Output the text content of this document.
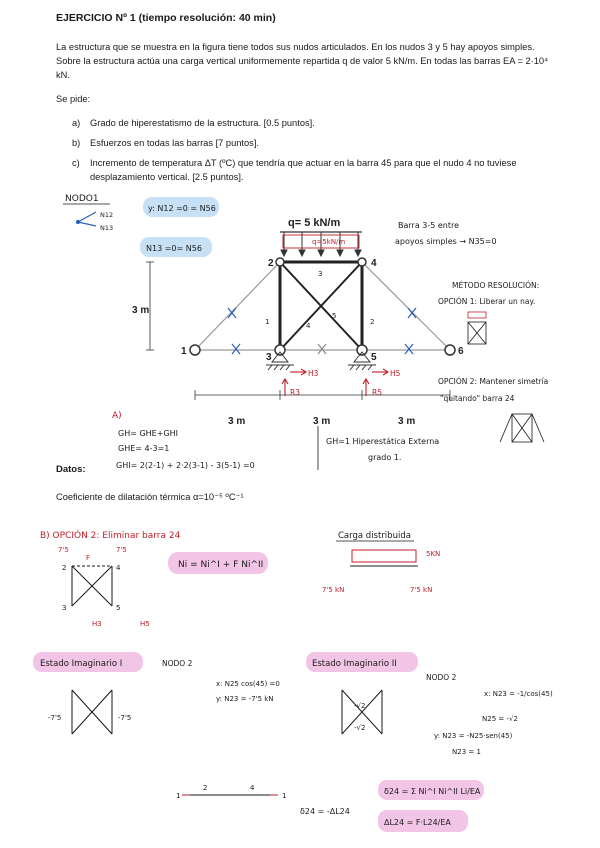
EJERCICIO Nº 1 (tiempo resolución: 40 min)
La estructura que se muestra en la figura tiene todos sus nudos articulados. En los nudos 3 y 5 hay apoyos simples. Sobre la estructura actúa una carga vertical uniformemente repartida q de valor 5 kN/m. En todas las barras EA = 2·10⁴ kN.
Se pide:
a) Grado de hiperestatismo de la estructura. [0.5 puntos].
b) Esfuerzos en todas las barras [7 puntos].
c) Incremento de temperatura ΔT (ºC) que tendría que actuar en la barra 45 para que el nudo 4 no tuviese desplazamiento vertical. [2.5 puntos].
Datos:
Coeficiente de dilatación térmica α=10⁻⁵ ºC⁻¹
q= 5 kN/m
q=5kN/m
3 m
3 m	3 m	3 m
1
2
3
4
5
6
1	2
3
4
5
H3
R3
H5
R5
NODO1
N12
N13
y: N12 =0 = N56
N13 =0= N56
Barra 3-5 entre
apoyos simples → N35=0
MÉTODO RESOLUCIÓN:
OPCIÓN 1: Liberar un nay.
OPCIÓN 2: Mantener simetría
"quitando" barra 24
A)
GH= GHE+GHI
GHE= 4-3=1
GHI= 2(2-1) + 2·2(3-1) - 3(5-1) =0
GH=1 Hiperestática Externa
grado 1.
B) OPCIÓN 2: Eliminar barra 24
2	4
3	5
7'5	7'5
F
H3	H5
Ni = Ni^I + F Ni^II
Carga distribuida
5KN
7'5 kN	7'5 kN
Estado Imaginario I
-7'5	-7'5
NODO 2
x: N25 cos(45) =0
y: N23 = -7'5 kN
Estado Imaginario II
-√2
-√2
NODO 2
x: N23 = -1/cos(45)
N25 = -√2
y: N23 = -N25·sen(45)
N23 = 1
2	4
1	1
δ24 = -ΔL24
δ24 = Σ Ni^I Ni^II Li/EA
ΔL24 = F·L24/EA
